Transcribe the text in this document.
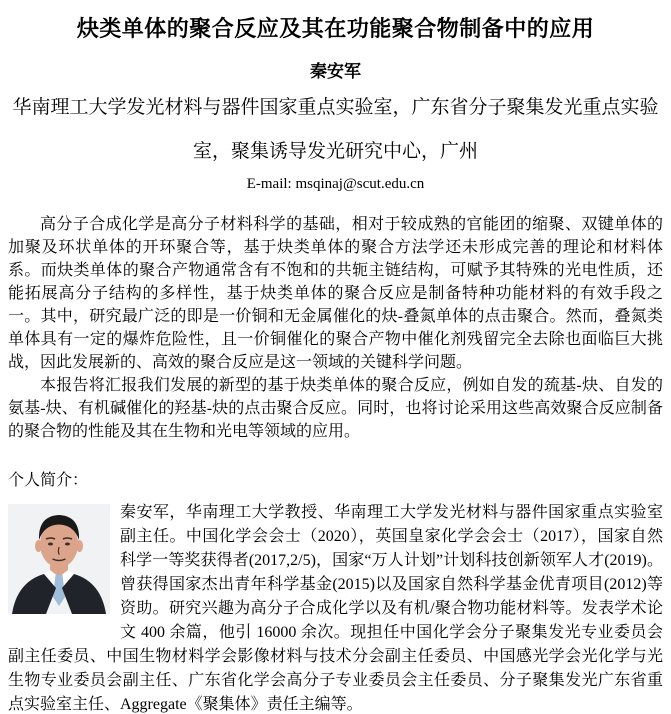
炔类单体的聚合反应及其在功能聚合物制备中的应用
秦安军
华南理工大学发光材料与器件国家重点实验室，广东省分子聚集发光重点实验室，聚集诱导发光研究中心，广州
E-mail: msqinaj@scut.edu.cn

高分子合成化学是高分子材料科学的基础，相对于较成熟的官能团的缩聚、双键单体的加聚及环状单体的开环聚合等，基于炔类单体的聚合方法学还未形成完善的理论和材料体系。而炔类单体的聚合产物通常含有不饱和的共轭主链结构，可赋予其特殊的光电性质，还能拓展高分子结构的多样性，基于炔类单体的聚合反应是制备特种功能材料的有效手段之一。其中，研究最广泛的即是一价铜和无金属催化的炔-叠氮单体的点击聚合。然而，叠氮类单体具有一定的爆炸危险性，且一价铜催化的聚合产物中催化剂残留完全去除也面临巨大挑战，因此发展新的、高效的聚合反应是这一领域的关键科学问题。

本报告将汇报我们发展的新型的基于炔类单体的聚合反应，例如自发的巯基-炔、自发的氨基-炔、有机碱催化的羟基-炔的点击聚合反应。同时，也将讨论采用这些高效聚合反应制备的聚合物的性能及其在生物和光电等领域的应用。

个人简介：
秦安军，华南理工大学教授、华南理工大学发光材料与器件国家重点实验室副主任。中国化学会会士（2020），英国皇家化学会会士（2017），国家自然科学一等奖获得者(2017,2/5)，国家“万人计划”计划科技创新领军人才(2019)。曾获得国家杰出青年科学基金(2015)以及国家自然科学基金优青项目(2012)等资助。研究兴趣为高分子合成化学以及有机/聚合物功能材料等。发表学术论文 400 余篇，他引 16000 余次。现担任中国化学会分子聚集发光专业委员会副主任委员、中国生物材料学会影像材料与技术分会副主任委员、中国感光学会光化学与光生物专业委员会副主任、广东省化学会高分子专业委员会主任委员、分子聚集发光广东省重点实验室主任、Aggregate《聚集体》责任主编等。
